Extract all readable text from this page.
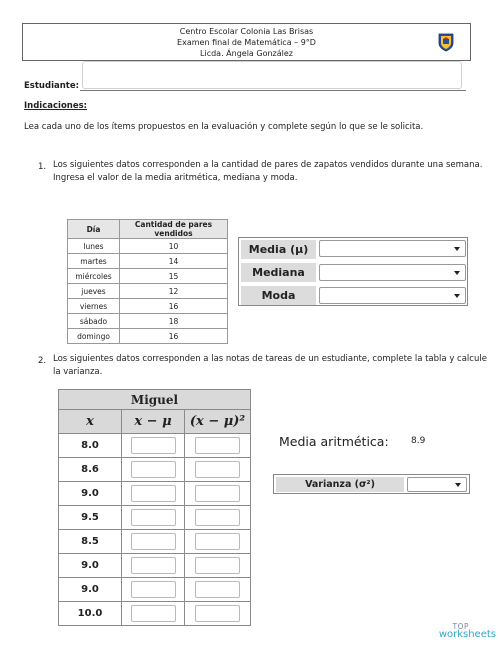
Centro Escolar Colonia Las Brisas
Examen final de Matemática – 9°D
Licda. Ángela González
Estudiante:
Indicaciones:
Lea cada uno de los ítems propuestos en la evaluación y complete según lo que se le solicita.
1. Los siguientes datos corresponden a la cantidad de pares de zapatos vendidos durante una semana.
Ingresa el valor de la media aritmética, mediana y moda.
Día	Cantidad de pares vendidos
lunes	10
martes	14
miércoles	15
jueves	12
viernes	16
sábado	18
domingo	16
Media (μ)
Mediana
Moda
2. Los siguientes datos corresponden a las notas de tareas de un estudiante, complete la tabla y calcule
la varianza.
Miguel		
x	x − μ	(x − μ)²
8.0		
8.6		
9.0		
9.5		
8.5		
9.0		
9.0		
10.0		
Media aritmética: 8.9
Varianza (σ²)
TOP
worksheets
